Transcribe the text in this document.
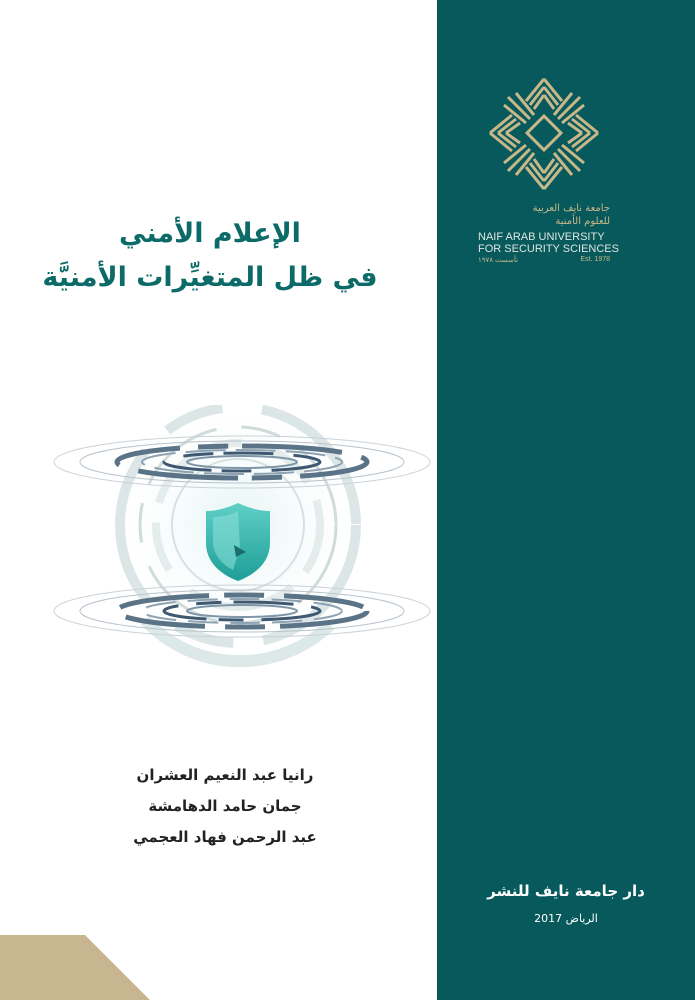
الإعلام الأمني
في ظل المتغيِّرات الأمنيَّة
رانيا عبد النعيم العشران
جمان حامد الدهامشة
عبد الرحمن فهاد العجمي
جامعة نايف العربية
للعلوم الأمنية
NAIF ARAB UNIVERSITY
FOR SECURITY SCIENCES
تأسست ١٩٧٨	Est. 1978
دار جامعة نايف للنشر
الرياض 2017
